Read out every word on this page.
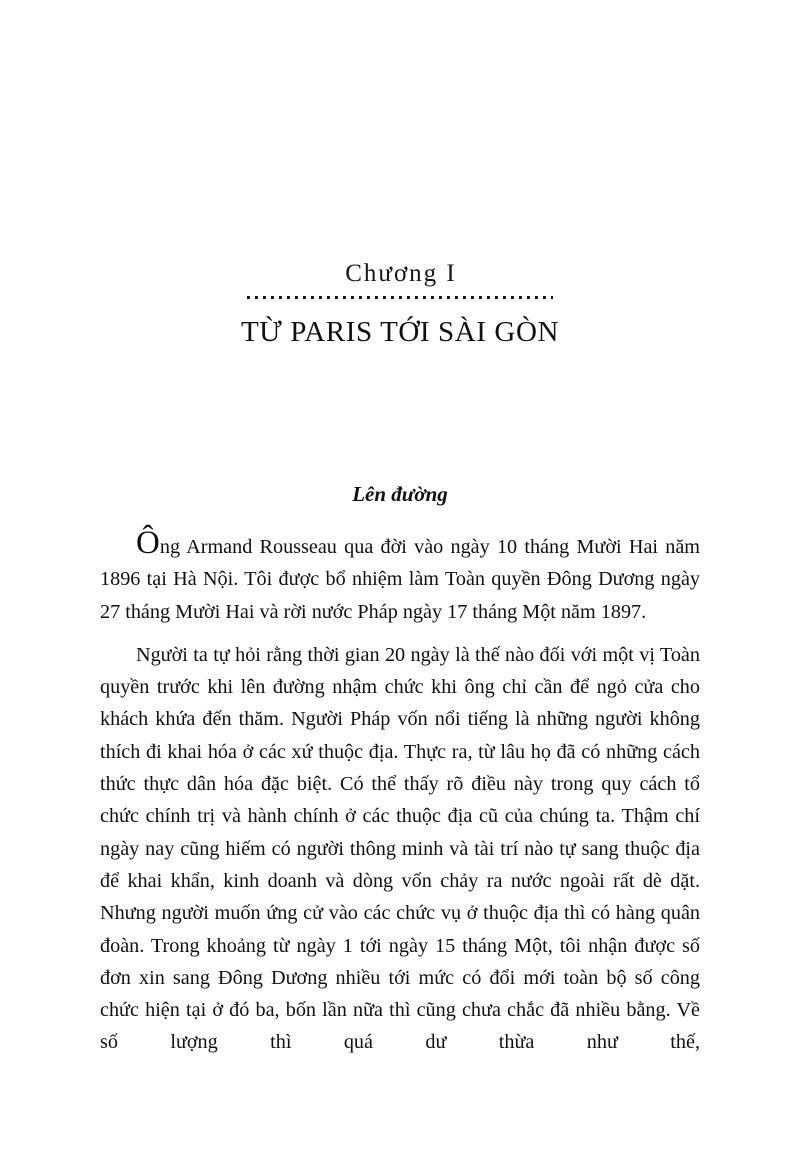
Chương I
TỪ PARIS TỚI SÀI GÒN
Lên đường

Ông Armand Rousseau qua đời vào ngày 10 tháng Mười Hai năm 1896 tại Hà Nội. Tôi được bổ nhiệm làm Toàn quyền Đông Dương ngày 27 tháng Mười Hai và rời nước Pháp ngày 17 tháng Một năm 1897.

Người ta tự hỏi rằng thời gian 20 ngày là thế nào đối với một vị Toàn quyền trước khi lên đường nhậm chức khi ông chỉ cần để ngỏ cửa cho khách khứa đến thăm. Người Pháp vốn nổi tiếng là những người không thích đi khai hóa ở các xứ thuộc địa. Thực ra, từ lâu họ đã có những cách thức thực dân hóa đặc biệt. Có thể thấy rõ điều này trong quy cách tổ chức chính trị và hành chính ở các thuộc địa cũ của chúng ta. Thậm chí ngày nay cũng hiếm có người thông minh và tài trí nào tự sang thuộc địa để khai khẩn, kinh doanh và dòng vốn chảy ra nước ngoài rất dè dặt. Nhưng người muốn ứng cử vào các chức vụ ở thuộc địa thì có hàng quân đoàn. Trong khoảng từ ngày 1 tới ngày 15 tháng Một, tôi nhận được số đơn xin sang Đông Dương nhiều tới mức có đổi mới toàn bộ số công chức hiện tại ở đó ba, bốn lần nữa thì cũng chưa chắc đã nhiều bằng. Về số lượng thì quá dư thừa như thế,
